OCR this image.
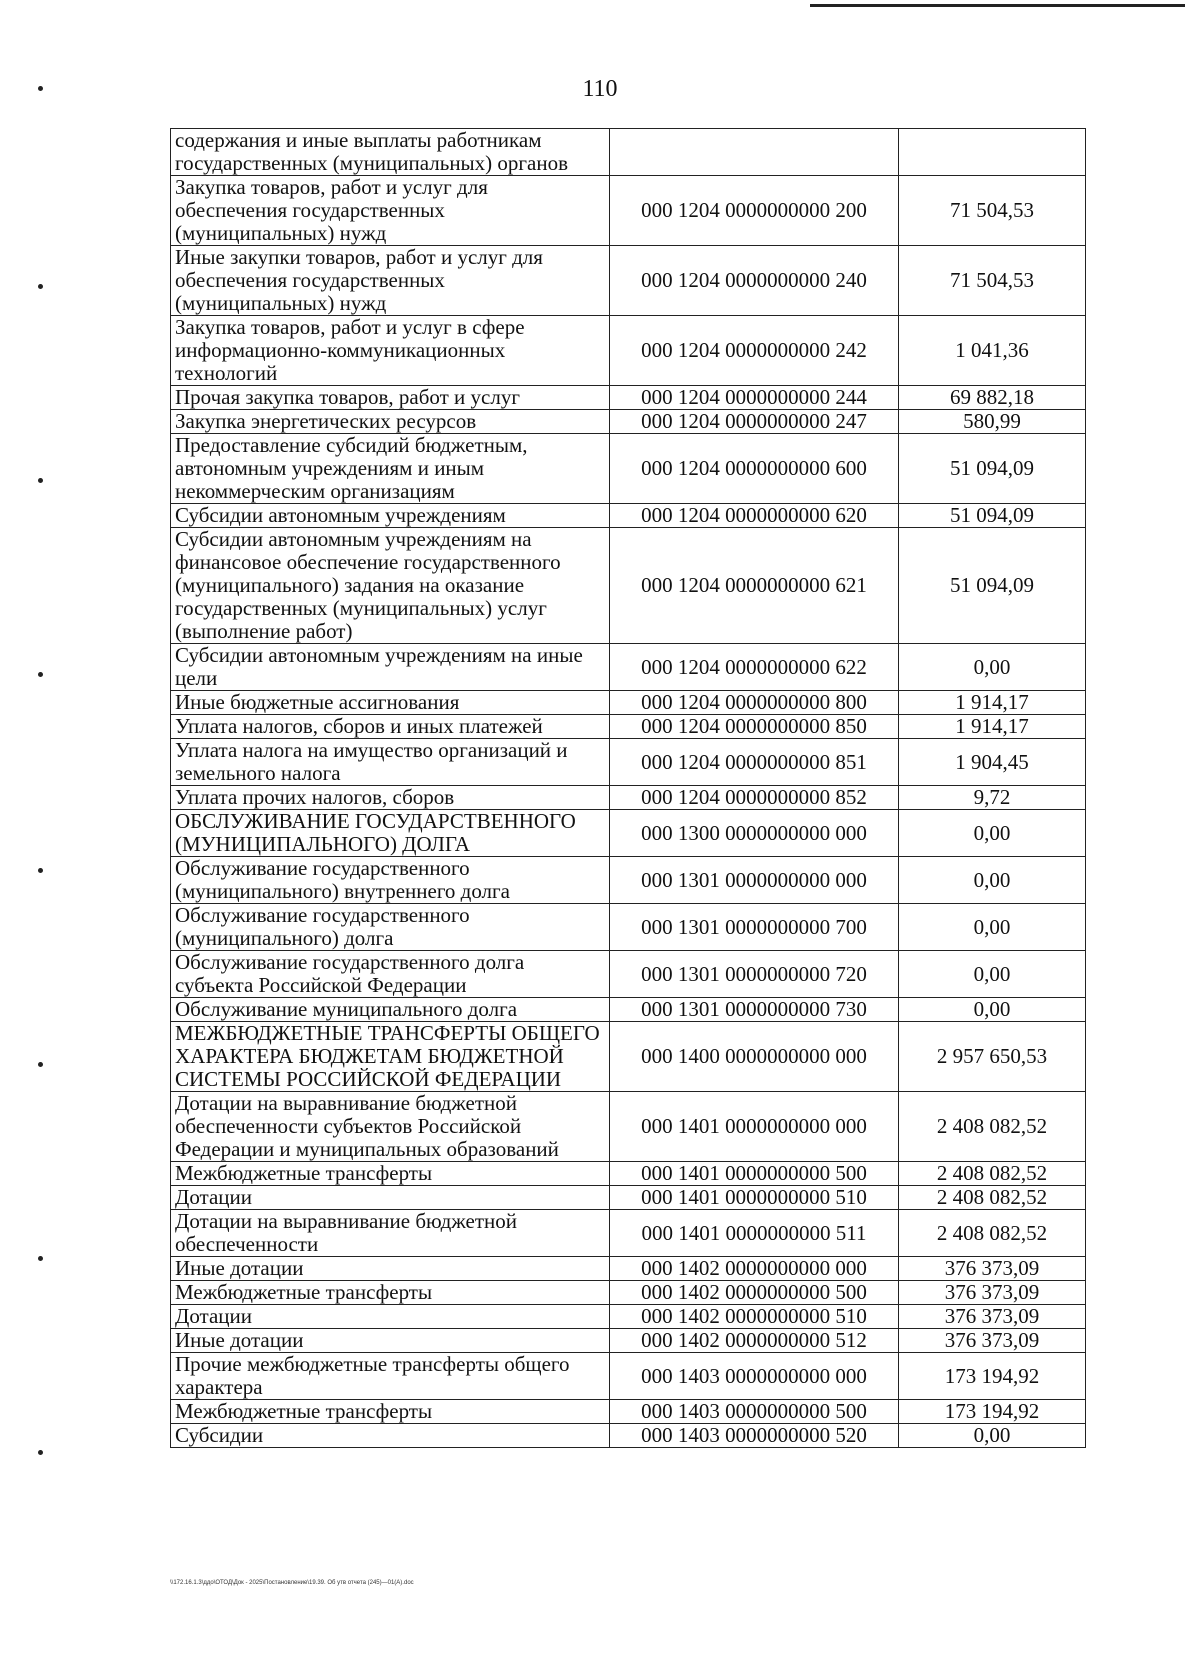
110
содержания и иные выплаты работникам государственных (муниципальных) органов		
Закупка товаров, работ и услуг для обеспечения государственных (муниципальных) нужд	000 1204 0000000000 200	71 504,53
Иные закупки товаров, работ и услуг для обеспечения государственных (муниципальных) нужд	000 1204 0000000000 240	71 504,53
Закупка товаров, работ и услуг в сфере информационно-коммуникационных технологий	000 1204 0000000000 242	1 041,36
Прочая закупка товаров, работ и услуг	000 1204 0000000000 244	69 882,18
Закупка энергетических ресурсов	000 1204 0000000000 247	580,99
Предоставление субсидий бюджетным, автономным учреждениям и иным некоммерческим организациям	000 1204 0000000000 600	51 094,09
Субсидии автономным учреждениям	000 1204 0000000000 620	51 094,09
Субсидии автономным учреждениям на финансовое обеспечение государственного (муниципального) задания на оказание государственных (муниципальных) услуг (выполнение работ)	000 1204 0000000000 621	51 094,09
Субсидии автономным учреждениям на иные цели	000 1204 0000000000 622	0,00
Иные бюджетные ассигнования	000 1204 0000000000 800	1 914,17
Уплата налогов, сборов и иных платежей	000 1204 0000000000 850	1 914,17
Уплата налога на имущество организаций и земельного налога	000 1204 0000000000 851	1 904,45
Уплата прочих налогов, сборов	000 1204 0000000000 852	9,72
ОБСЛУЖИВАНИЕ ГОСУДАРСТВЕННОГО (МУНИЦИПАЛЬНОГО) ДОЛГА	000 1300 0000000000 000	0,00
Обслуживание государственного (муниципального) внутреннего долга	000 1301 0000000000 000	0,00
Обслуживание государственного (муниципального) долга	000 1301 0000000000 700	0,00
Обслуживание государственного долга субъекта Российской Федерации	000 1301 0000000000 720	0,00
Обслуживание муниципального долга	000 1301 0000000000 730	0,00
МЕЖБЮДЖЕТНЫЕ ТРАНСФЕРТЫ ОБЩЕГО ХАРАКТЕРА БЮДЖЕТАМ БЮДЖЕТНОЙ СИСТЕМЫ РОССИЙСКОЙ ФЕДЕРАЦИИ	000 1400 0000000000 000	2 957 650,53
Дотации на выравнивание бюджетной обеспеченности субъектов Российской Федерации и муниципальных образований	000 1401 0000000000 000	2 408 082,52
Межбюджетные трансферты	000 1401 0000000000 500	2 408 082,52
Дотации	000 1401 0000000000 510	2 408 082,52
Дотации на выравнивание бюджетной обеспеченности	000 1401 0000000000 511	2 408 082,52
Иные дотации	000 1402 0000000000 000	376 373,09
Межбюджетные трансферты	000 1402 0000000000 500	376 373,09
Дотации	000 1402 0000000000 510	376 373,09
Иные дотации	000 1402 0000000000 512	376 373,09
Прочие межбюджетные трансферты общего характера	000 1403 0000000000 000	173 194,92
Межбюджетные трансферты	000 1403 0000000000 500	173 194,92
Субсидии	000 1403 0000000000 520	0,00
\\172.16.1.3\ддо\ОТОД\Док - 2025\Постановление\19.39. Об утв отчета (245)—01(А).doc
